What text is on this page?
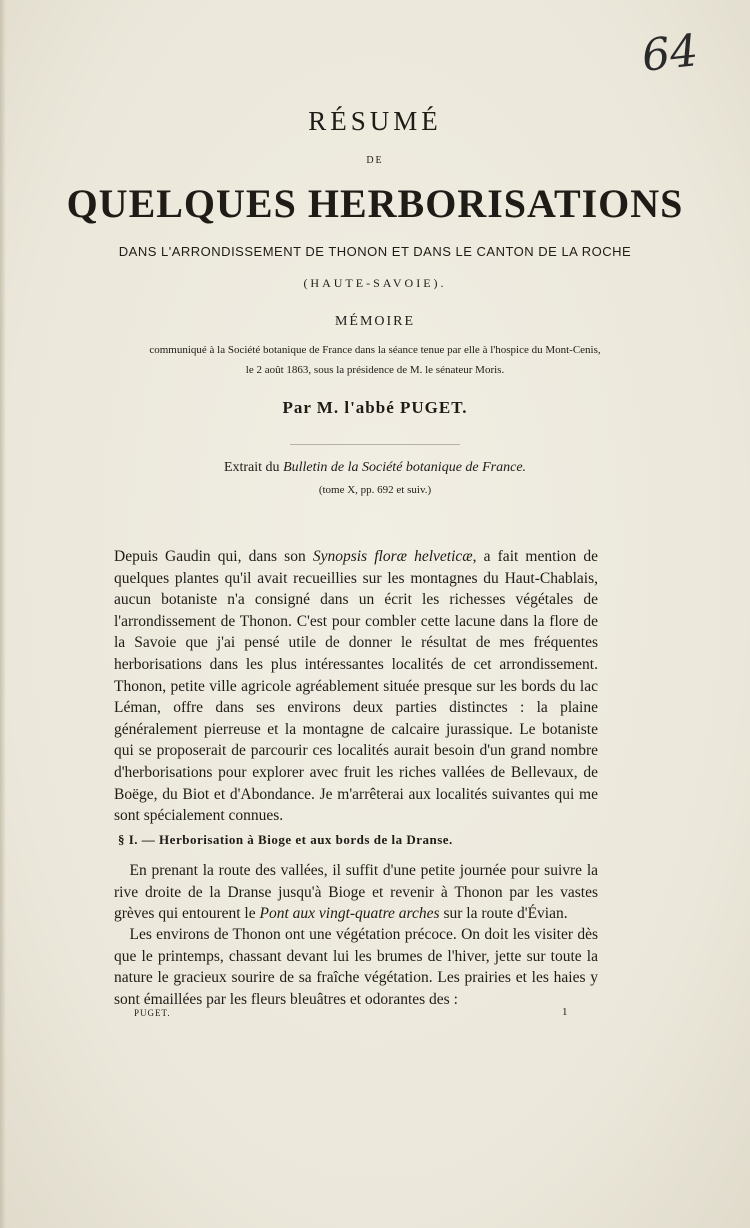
64
RÉSUMÉ
DE
QUELQUES HERBORISATIONS
DANS L'ARRONDISSEMENT DE THONON ET DANS LE CANTON DE LA ROCHE
(HAUTE-SAVOIE).
MÉMOIRE
communiqué à la Société botanique de France dans la séance tenue par elle à l'hospice du Mont-Cenis,
le 2 août 1863, sous la présidence de M. le sénateur Moris.
Par M. l'abbé PUGET.
Extrait du Bulletin de la Société botanique de France.
(tome X, pp. 692 et suiv.)

Depuis Gaudin qui, dans son Synopsis floræ helveticæ, a fait mention de quelques plantes qu'il avait recueillies sur les montagnes du Haut-Chablais, aucun botaniste n'a consigné dans un écrit les richesses végétales de l'arrondissement de Thonon. C'est pour combler cette lacune dans la flore de la Savoie que j'ai pensé utile de donner le résultat de mes fréquentes herborisations dans les plus intéressantes localités de cet arrondissement. Thonon, petite ville agricole agréablement située presque sur les bords du lac Léman, offre dans ses environs deux parties distinctes : la plaine généralement pierreuse et la montagne de calcaire jurassique. Le botaniste qui se proposerait de parcourir ces localités aurait besoin d'un grand nombre d'herborisations pour explorer avec fruit les riches vallées de Bellevaux, de Boëge, du Biot et d'Abondance. Je m'arrêterai aux localités suivantes qui me sont spécialement connues.

§ I. — Herborisation à Bioge et aux bords de la Dranse.

 En prenant la route des vallées, il suffit d'une petite journée pour suivre la rive droite de la Dranse jusqu'à Bioge et revenir à Thonon par les vastes grèves qui entourent le Pont aux vingt-quatre arches sur la route d'Évian.

 Les environs de Thonon ont une végétation précoce. On doit les visiter dès que le printemps, chassant devant lui les brumes de l'hiver, jette sur toute la nature le gracieux sourire de sa fraîche végétation. Les prairies et les haies y sont émaillées par les fleurs bleuâtres et odorantes des :

PUGET.	1
